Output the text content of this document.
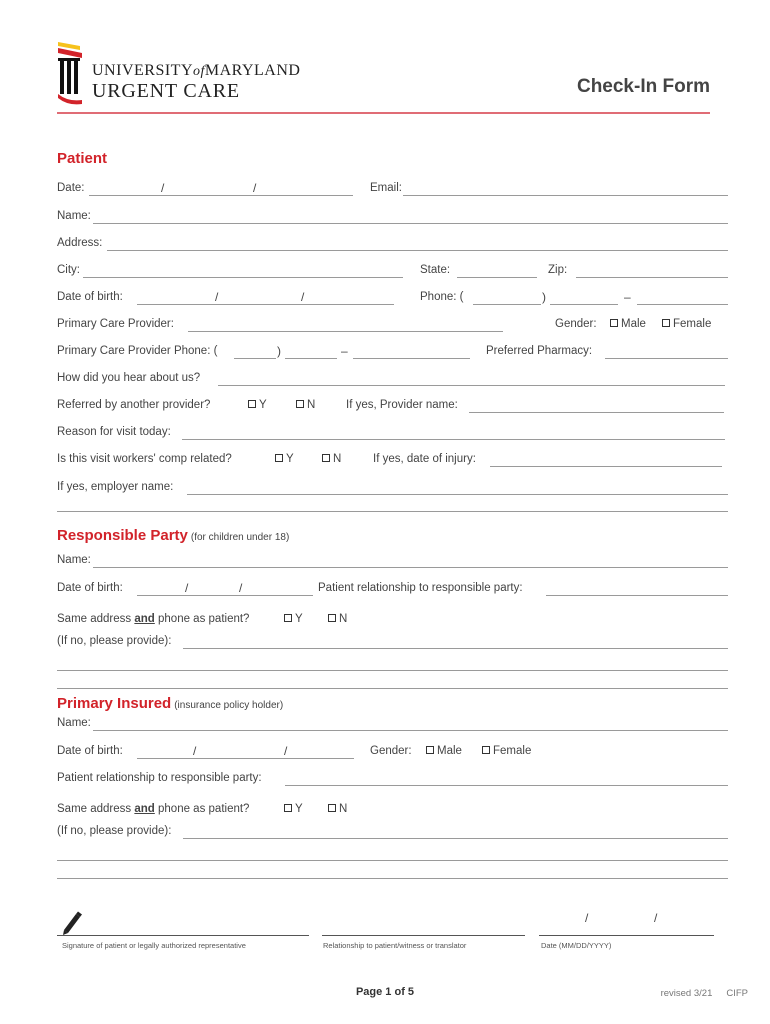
UNIVERSITYofMARYLAND
URGENT CARE	Check-In Form
Patient
Date:	/	/	Email:
Name:
Address:
City:	State:	Zip:
Date of birth:	/	/	Phone: (	)	–
Primary Care Provider:	Gender:	Male	Female
Primary Care Provider Phone: (	)	–	Preferred Pharmacy:
How did you hear about us?
Referred by another provider?	Y	N	If yes, Provider name:
Reason for visit today:
Is this visit workers' comp related?	Y	N	If yes, date of injury:
If yes, employer name:
Responsible Party (for children under 18)
Name:
Date of birth:	/	/	Patient relationship to responsible party:
Same address and phone as patient?	Y	N
(If no, please provide):
Primary Insured (insurance policy holder)
Name:
Date of birth:	/	/	Gender:	Male	Female
Patient relationship to responsible party:
Same address and phone as patient?	Y	N
(If no, please provide):
/	/
Signature of patient or legally authorized representative	Relationship to patient/witness or translator	Date (MM/DD/YYYY)
Page 1 of 5	revised 3/21 CIFP
